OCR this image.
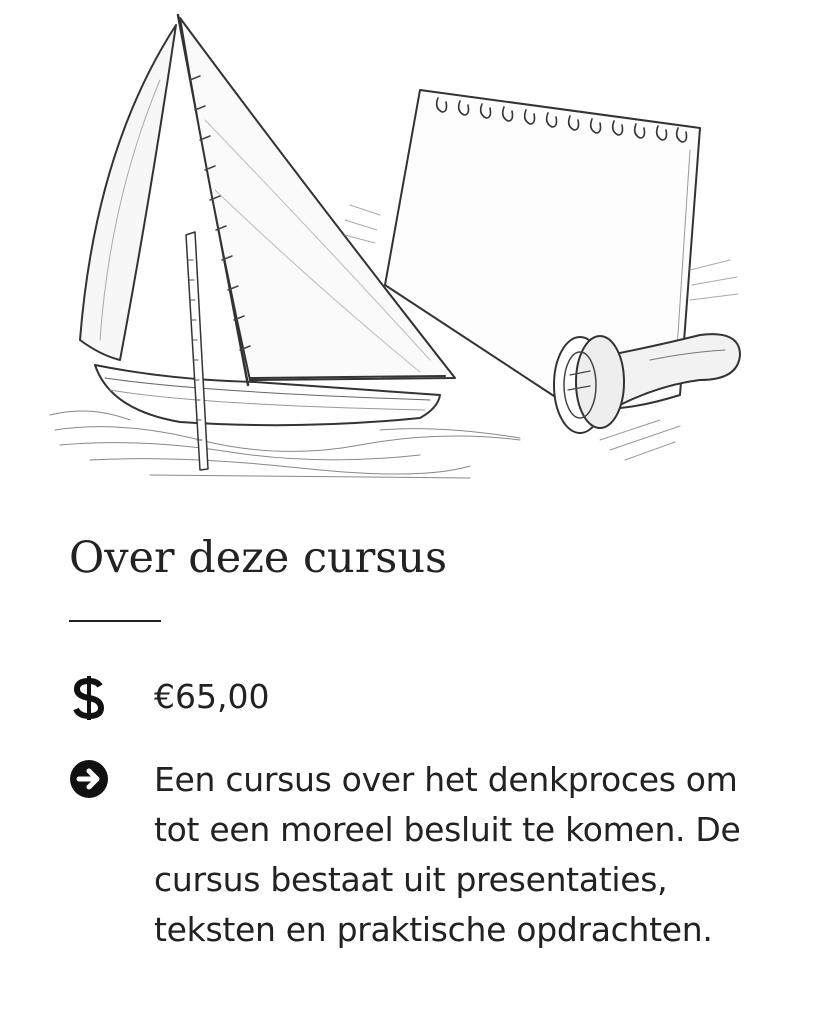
Over deze cursus
€65,00
Een cursus over het denkproces om tot een moreel besluit te komen. De cursus bestaat uit presentaties, teksten en praktische opdrachten.
